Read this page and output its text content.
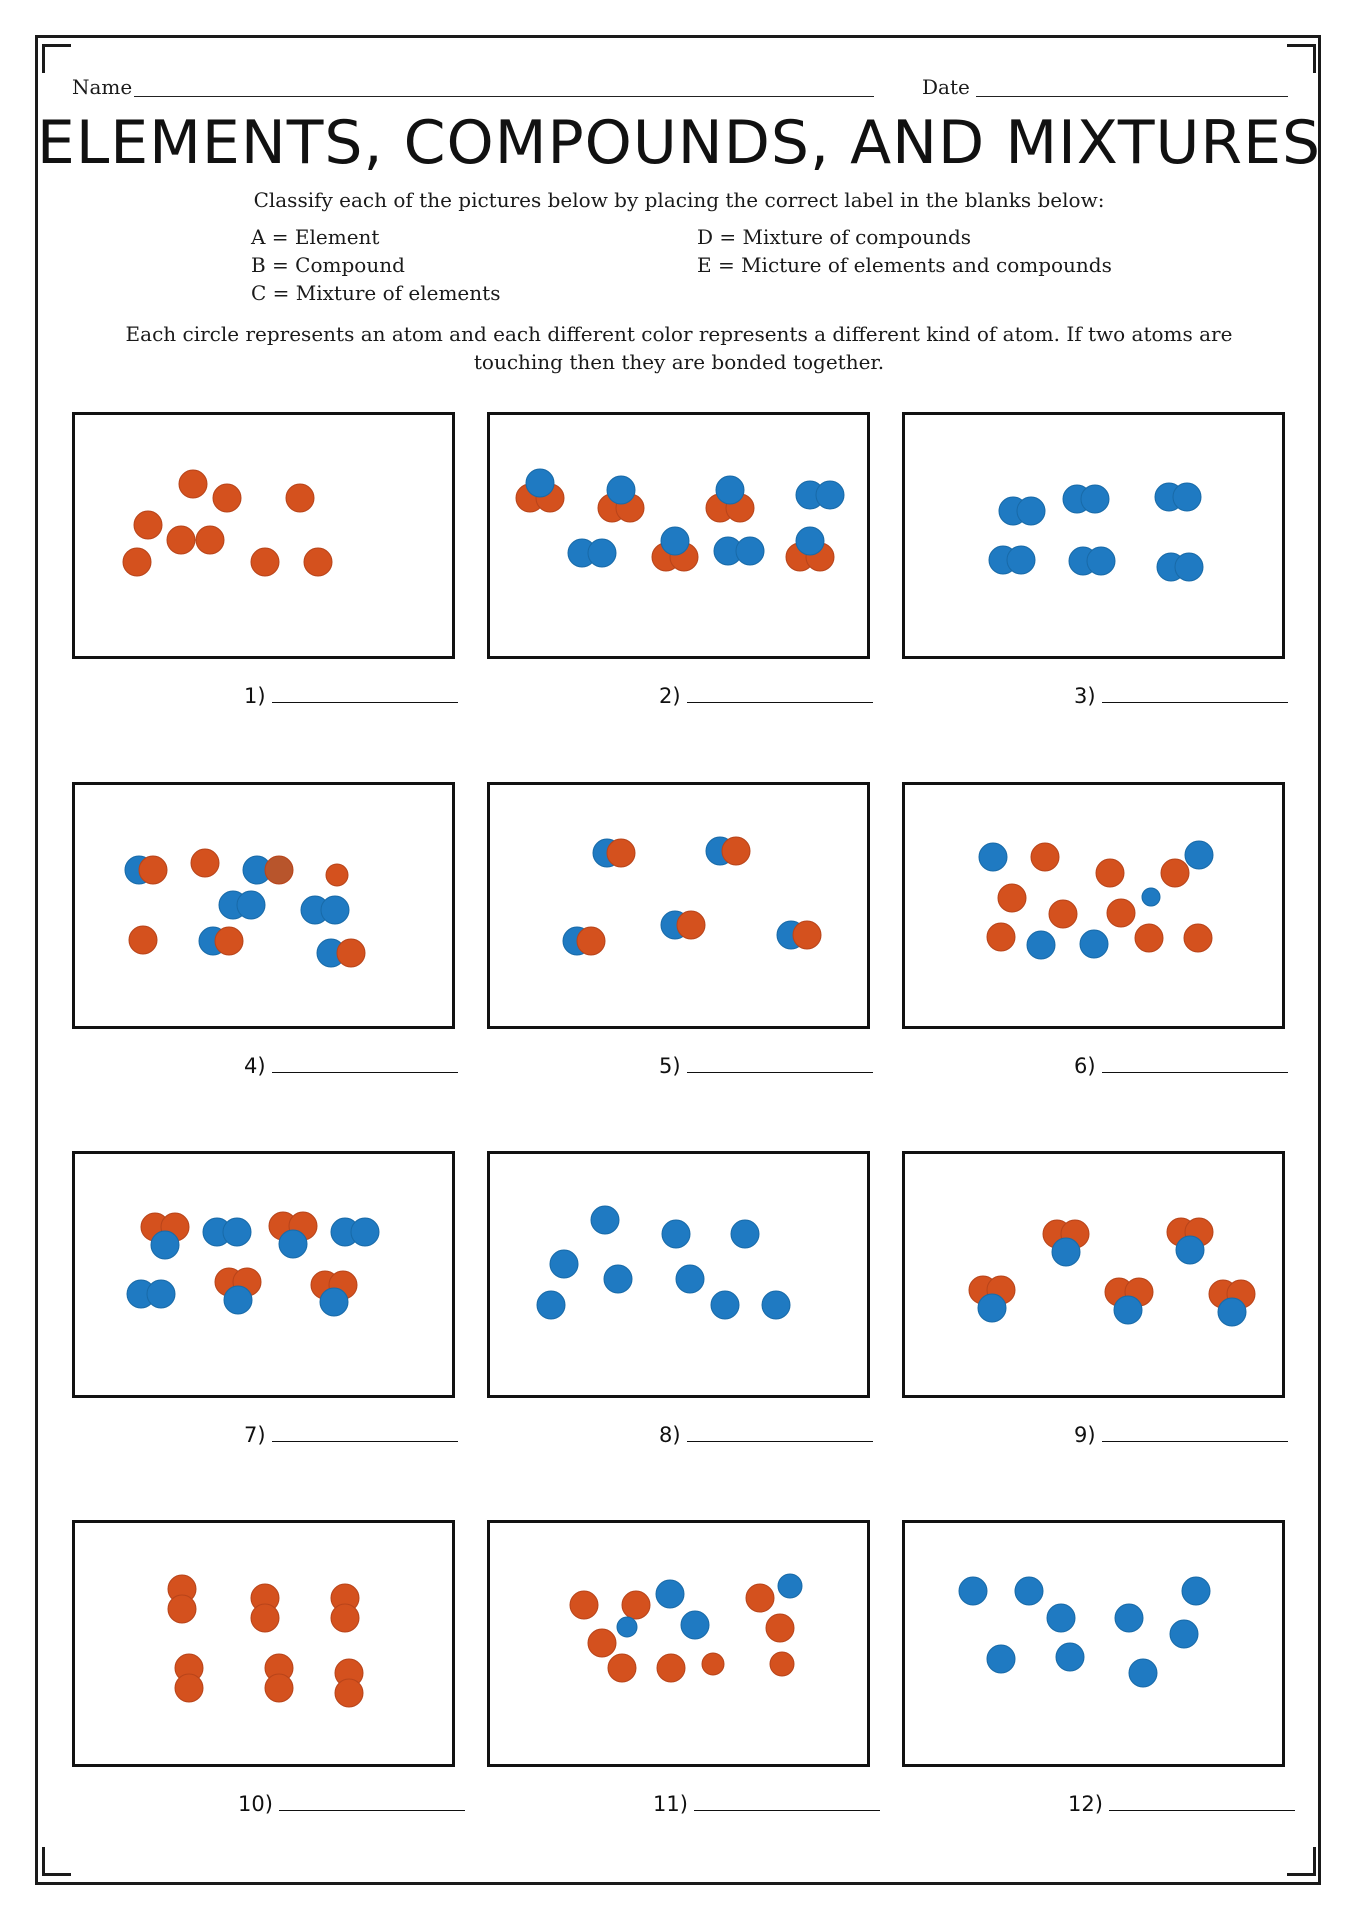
Name	Date
ELEMENTS, COMPOUNDS, AND MIXTURES
Classify each of the pictures below by placing the correct label in the blanks below:
A = Element
B = Compound
C = Mixture of elements
D = Mixture of compounds
E = Micture of elements and compounds
Each circle represents an atom and each different color represents a different kind of atom. If two atoms are touching then they are bonded together.
1)	2)	3)
4)	5)	6)
7)	8)	9)
10)	11)	12)
